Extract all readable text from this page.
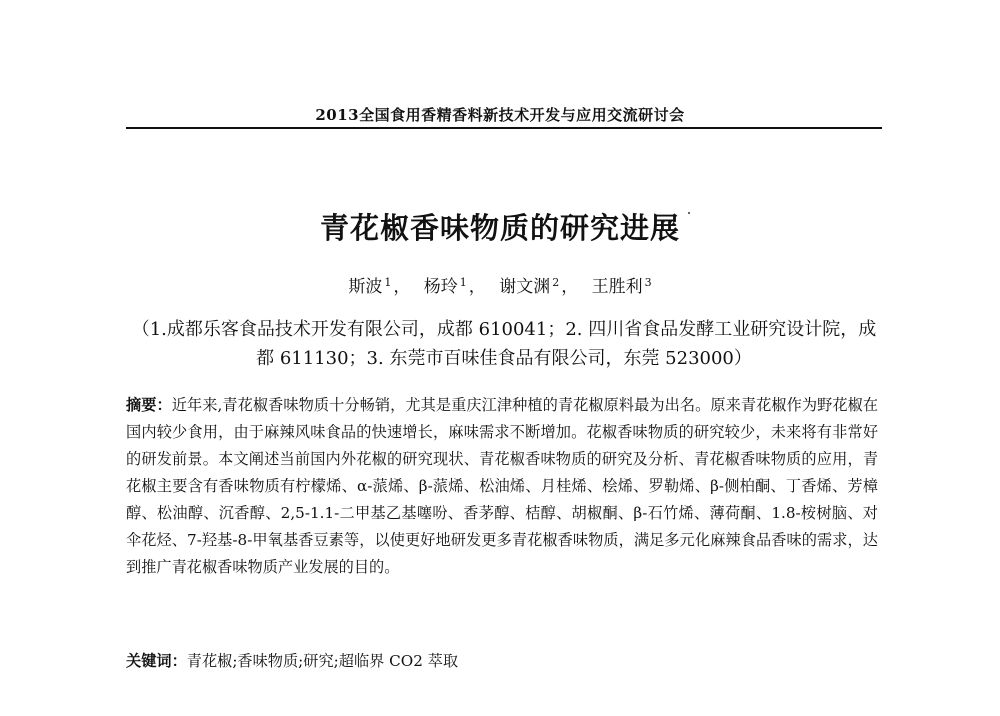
2013全国食用香精香料新技术开发与应用交流研讨会
青花椒香味物质的研究进展
斯波 $^1$ ， 杨玲 $^1$ ， 谢文渊 $^2$ ， 王胜利 $^3$
（1.成都乐客食品技术开发有限公司，成都 610041；2. 四川省食品发酵工业研究设计院，成都 611130；3. 东莞市百味佳食品有限公司，东莞 523000）
摘要：近年来,青花椒香味物质十分畅销，尤其是重庆江津种植的青花椒原料最为出名。原来青花椒作为野花椒在国内较少食用，由于麻辣风味食品的快速增长，麻味需求不断增加。花椒香味物质的研究较少，未来将有非常好的研发前景。本文阐述当前国内外花椒的研究现状、青花椒香味物质的研究及分析、青花椒香味物质的应用，青花椒主要含有香味物质有柠檬烯、α-蒎烯、β-蒎烯、松油烯、月桂烯、桧烯、罗勒烯、β-侧柏酮、丁香烯、芳樟醇、松油醇、沉香醇、2,5-1.1-二甲基乙基噻吩、香茅醇、桔醇、胡椒酮、β-石竹烯、薄荷酮、1.8-桉树脑、对伞花烃、7-羟基-8-甲氧基香豆素等，以使更好地研发更多青花椒香味物质，满足多元化麻辣食品香味的需求，达到推广青花椒香味物质产业发展的目的。
关键词：青花椒;香味物质;研究;超临界 CO2 萃取
